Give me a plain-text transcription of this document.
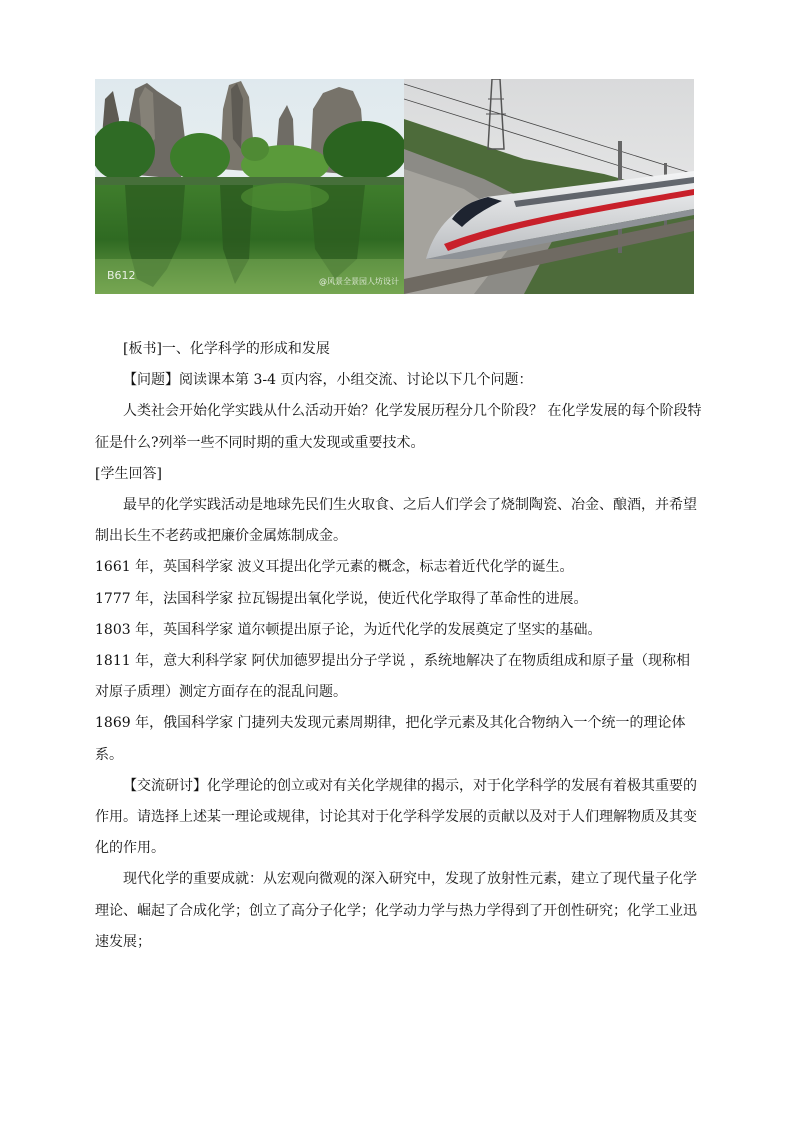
B612	@风景全景园人坊设计

[板书]一、化学科学的形成和发展

【问题】阅读课本第 3-4 页内容，小组交流、讨论以下几个问题：

人类社会开始化学实践从什么活动开始？化学发展历程分几个阶段？ 在化学发展的每个阶段特征是什么?列举一些不同时期的重大发现或重要技术。

[学生回答]

最早的化学实践活动是地球先民们生火取食、之后人们学会了烧制陶瓷、冶金、酿酒，并希望制出长生不老药或把廉价金属炼制成金。

1661 年，英国科学家 波义耳提出化学元素的概念，标志着近代化学的诞生。

1777 年，法国科学家 拉瓦锡提出氧化学说，使近代化学取得了革命性的进展。

1803 年，英国科学家 道尔顿提出原子论，为近代化学的发展奠定了坚实的基础。

1811 年，意大利科学家 阿伏加德罗提出分子学说 ，系统地解决了在物质组成和原子量（现称相对原子质理）测定方面存在的混乱问题。

1869 年，俄国科学家 门捷列夫发现元素周期律，把化学元素及其化合物纳入一个统一的理论体系。

【交流研讨】化学理论的创立或对有关化学规律的揭示，对于化学科学的发展有着极其重要的作用。请选择上述某一理论或规律，讨论其对于化学科学发展的贡献以及对于人们理解物质及其变化的作用。

现代化学的重要成就：从宏观向微观的深入研究中，发现了放射性元素，建立了现代量子化学理论、崛起了合成化学；创立了高分子化学；化学动力学与热力学得到了开创性研究；化学工业迅速发展；
